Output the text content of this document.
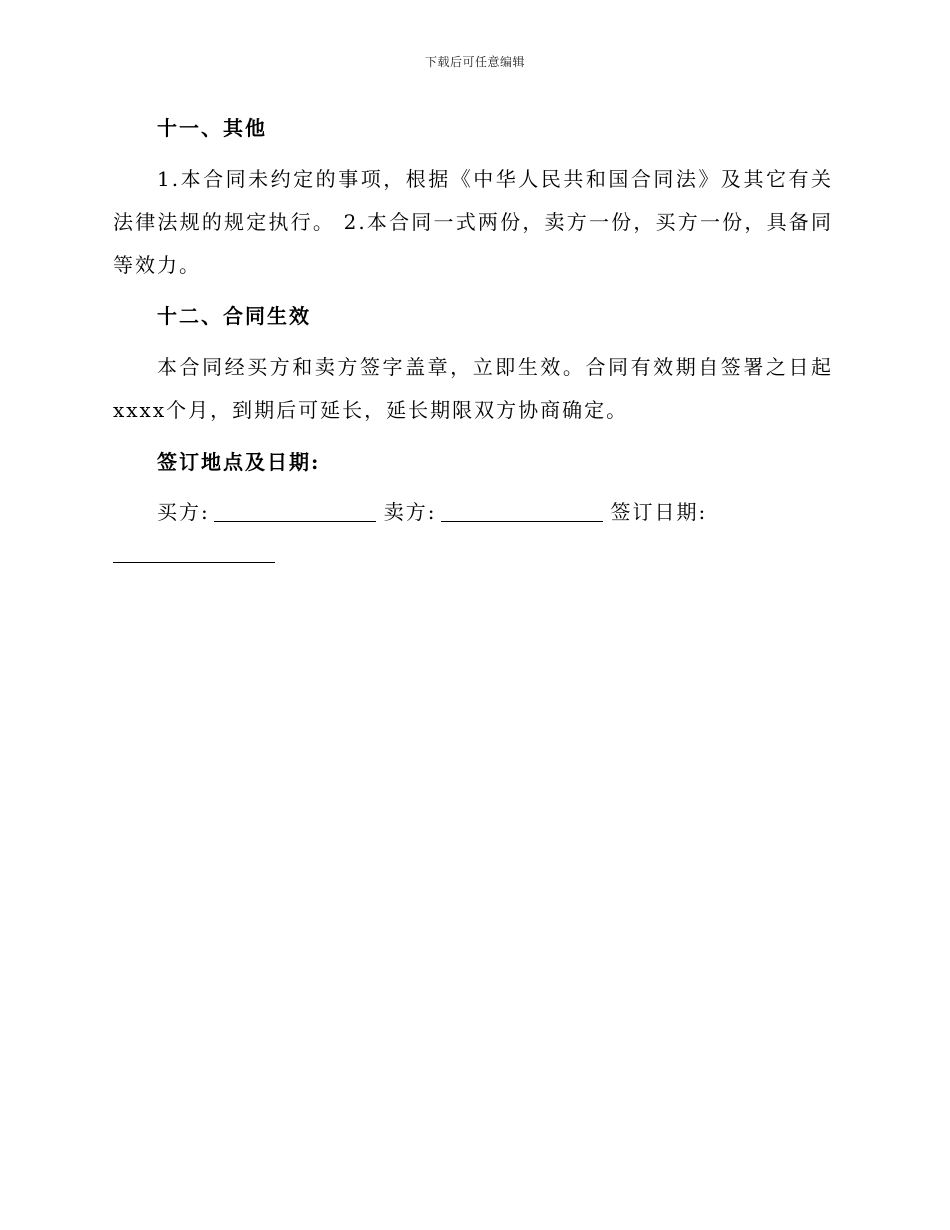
下载后可任意编辑
十一、其他
1.本合同未约定的事项，根据《中华人民共和国合同法》及其它有关法律法规的规定执行。 2.本合同一式两份，卖方一份，买方一份，具备同等效力。
十二、合同生效
本合同经买方和卖方签字盖章，立即生效。合同有效期自签署之日起xxxx个月，到期后可延长，延长期限双方协商确定。
签订地点及日期:
买方:	卖方:	签订日期:
